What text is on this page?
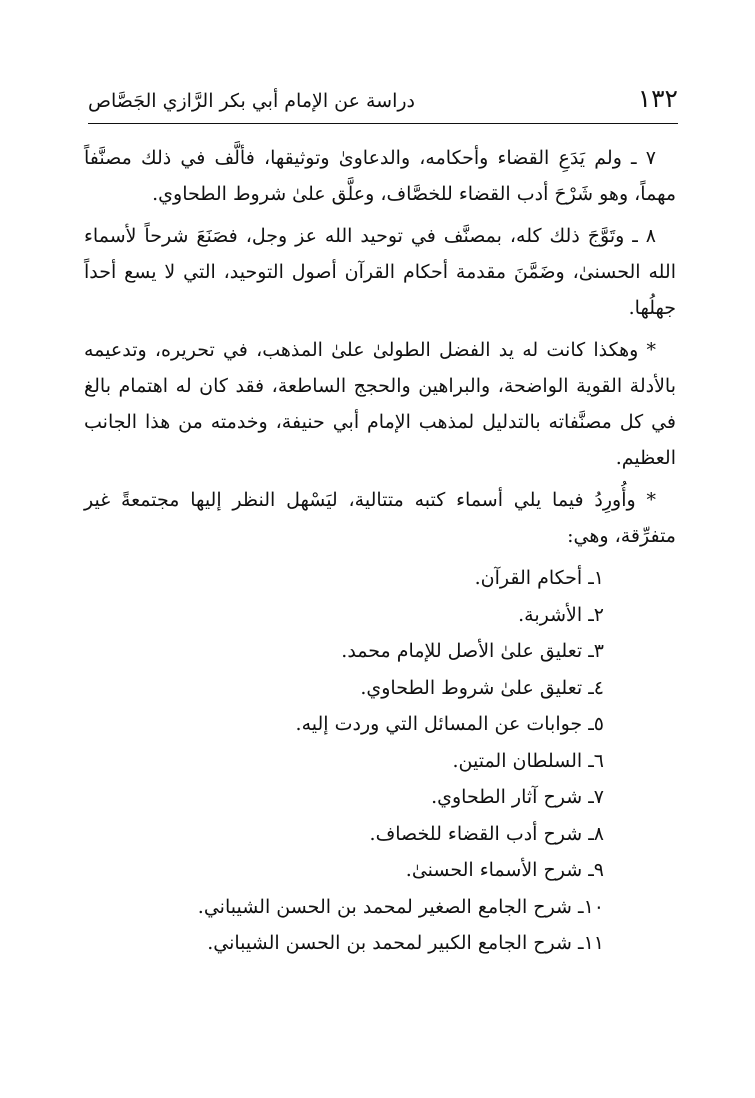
١٣٢
دراسة عن الإمام أبي بكر الرَّازي الجَصَّاص

٧ ـ ولم يَدَعِ القضاء وأحكامه، والدعاوىٰ وتوثيقها، فألَّف في ذلك مصنَّفاً مهماً، وهو شَرْحَ أدب القضاء للخصَّاف، وعلَّق علىٰ شروط الطحاوي.

٨ ـ وتَوَّجَ ذلك كله، بمصنَّف في توحيد الله عز وجل، فصَنَعَ شرحاً لأسماء الله الحسنىٰ، وضَمَّنَ مقدمة أحكام القرآن أصول التوحيد، التي لا يسع أحداً جهلُها.

* وهكذا كانت له يد الفضل الطولىٰ علىٰ المذهب، في تحريره، وتدعيمه بالأدلة القوية الواضحة، والبراهين والحجج الساطعة، فقد كان له اهتمام بالغ في كل مصنَّفاته بالتدليل لمذهب الإمام أبي حنيفة، وخدمته من هذا الجانب العظيم.

* وأُورِدُ فيما يلي أسماء كتبه متتالية، ليَسْهل النظر إليها مجتمعةً غير متفرِّقة، وهي:

١ـ أحكام القرآن.
٢ـ الأشربة.
٣ـ تعليق علىٰ الأصل للإمام محمد.
٤ـ تعليق علىٰ شروط الطحاوي.
٥ـ جوابات عن المسائل التي وردت إليه.
٦ـ السلطان المتين.
٧ـ شرح آثار الطحاوي.
٨ـ شرح أدب القضاء للخصاف.
٩ـ شرح الأسماء الحسنىٰ.
١٠ـ شرح الجامع الصغير لمحمد بن الحسن الشيباني.
١١ـ شرح الجامع الكبير لمحمد بن الحسن الشيباني.
